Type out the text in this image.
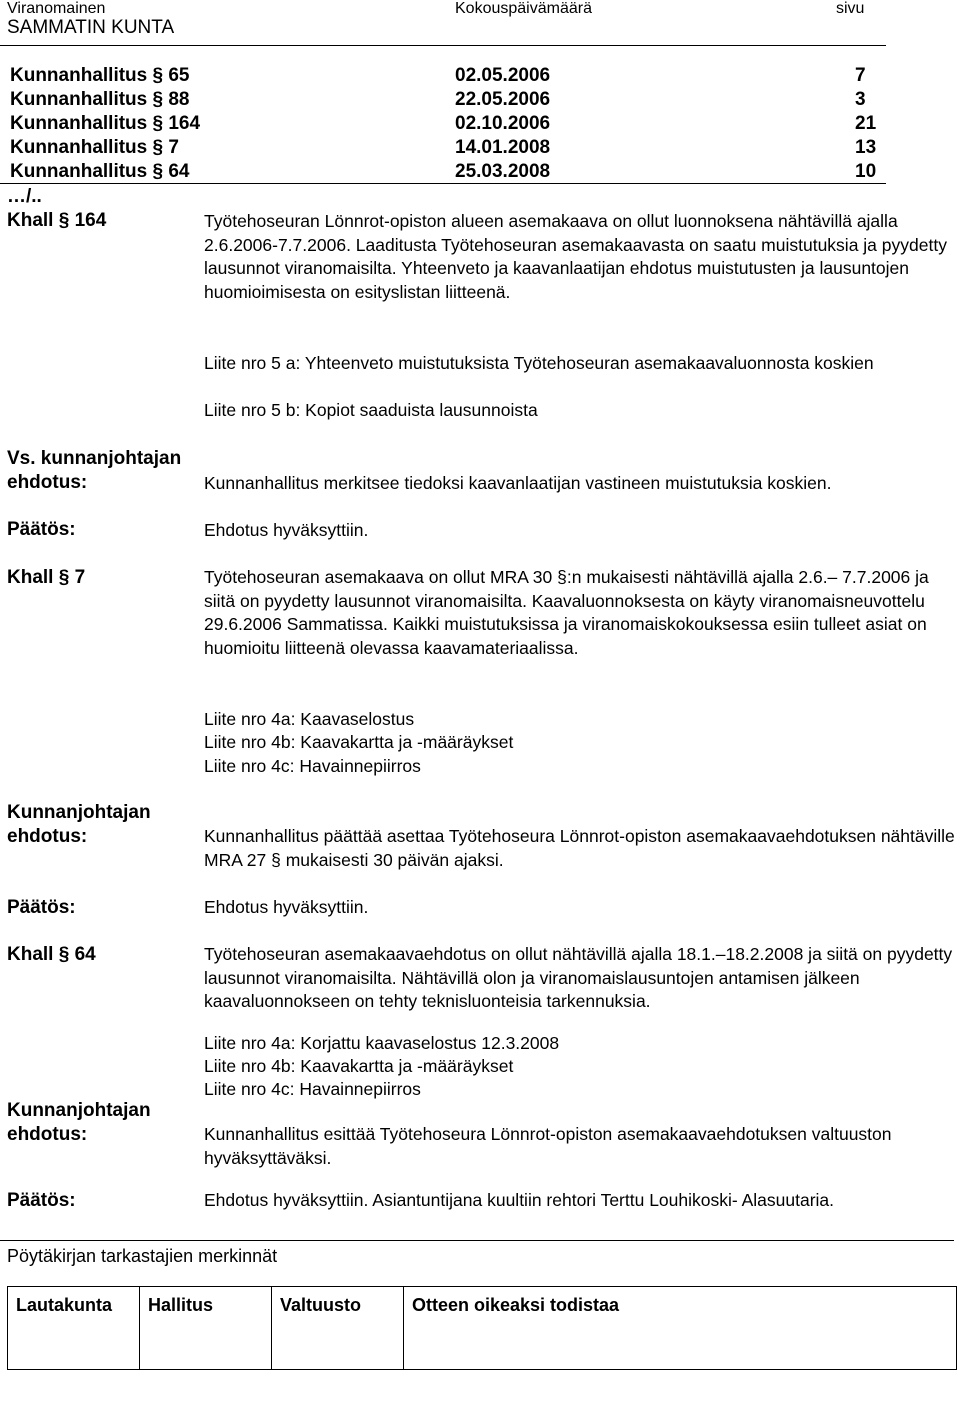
Viranomainen	Kokouspäivämäärä	sivu
SAMMATIN KUNTA
Kunnanhallitus § 65	02.05.2006	7
Kunnanhallitus § 88	22.05.2006	3
Kunnanhallitus § 164	02.10.2006	21
Kunnanhallitus § 7	14.01.2008	13
Kunnanhallitus § 64	25.03.2008	10
…/..
Khall § 164	Työtehoseuran Lönnrot-opiston alueen asemakaava on ollut luonnoksena nähtävillä ajalla 2.6.2006-7.7.2006. Laaditusta Työtehoseuran asemakaavasta on saatu muistutuksia ja pyydetty lausunnot viranomaisilta. Yhteenveto ja kaavanlaatijan ehdotus muistutusten ja lausuntojen huomioimisesta on esityslistan liitteenä.
Liite nro 5 a: Yhteenveto muistutuksista Työtehoseuran asemakaavaluonnosta koskien
Liite nro 5 b: Kopiot saaduista lausunnoista
Vs. kunnanjohtajan
ehdotus:	Kunnanhallitus merkitsee tiedoksi kaavanlaatijan vastineen muistutuksia koskien.
Päätös:	Ehdotus hyväksyttiin.
Khall § 7	Työtehoseuran asemakaava on ollut MRA 30 §:n mukaisesti nähtävillä ajalla 2.6.– 7.7.2006 ja siitä on pyydetty lausunnot viranomaisilta. Kaavaluonnoksesta on käyty viranomaisneuvottelu 29.6.2006 Sammatissa. Kaikki muistutuksissa ja viranomaiskokouksessa esiin tulleet asiat on huomioitu liitteenä olevassa kaavamateriaalissa.
Liite nro 4a: Kaavaselostus
Liite nro 4b: Kaavakartta ja -määräykset
Liite nro 4c: Havainnepiirros
Kunnanjohtajan
ehdotus:	Kunnanhallitus päättää asettaa Työtehoseura Lönnrot-opiston asemakaavaehdotuksen nähtäville MRA 27 § mukaisesti 30 päivän ajaksi.
Päätös:	Ehdotus hyväksyttiin.
Khall § 64	Työtehoseuran asemakaavaehdotus on ollut nähtävillä ajalla 18.1.–18.2.2008 ja siitä on pyydetty lausunnot viranomaisilta. Nähtävillä olon ja viranomaislausuntojen antamisen jälkeen kaavaluonnokseen on tehty teknisluonteisia tarkennuksia.
Liite nro 4a: Korjattu kaavaselostus 12.3.2008
Liite nro 4b: Kaavakartta ja -määräykset
Liite nro 4c: Havainnepiirros
Kunnanjohtajan
ehdotus:	Kunnanhallitus esittää Työtehoseura Lönnrot-opiston asemakaavaehdotuksen valtuuston hyväksyttäväksi.
Päätös:	Ehdotus hyväksyttiin. Asiantuntijana kuultiin rehtori Terttu Louhikoski- Alasuutaria.
Pöytäkirjan tarkastajien merkinnät
Lautakunta	Hallitus	Valtuusto	Otteen oikeaksi todistaa
